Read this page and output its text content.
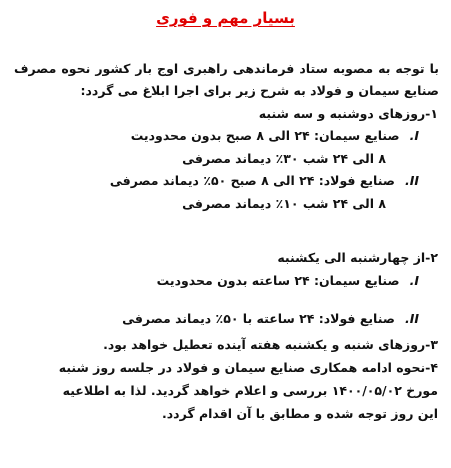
بسیار مهم و فوری
با توجه به مصوبه ستاد فرماندهی راهبری اوج بار کشور نحوه مصرف صنایع سیمان و فولاد به شرح زیر برای اجرا ابلاغ می گردد:
۱-روزهای دوشنبه و سه شنبه
I.صنایع سیمان: ۲۴ الی ۸ صبح بدون محدودیت
۸ الی ۲۴ شب ۳۰٪ دیماند مصرفی
II.صنایع فولاد: ۲۴ الی ۸ صبح ۵۰٪ دیماند مصرفی
۸ الی ۲۴ شب ۱۰٪ دیماند مصرفی
۲-از چهارشنبه الی یکشنبه
I.صنایع سیمان: ۲۴ ساعته بدون محدودیت
II.صنایع فولاد: ۲۴ ساعته با ۵۰٪ دیماند مصرفی
۳-روزهای شنبه و یکشنبه هفته آینده تعطیل خواهد بود.
۴-نحوه ادامه همکاری صنایع سیمان و فولاد در جلسه روز شنبه
مورخ ۱۴۰۰/۰۵/۰۲ بررسی و اعلام خواهد گردید. لذا به اطلاعیه
این روز توجه شده و مطابق با آن اقدام گردد.
